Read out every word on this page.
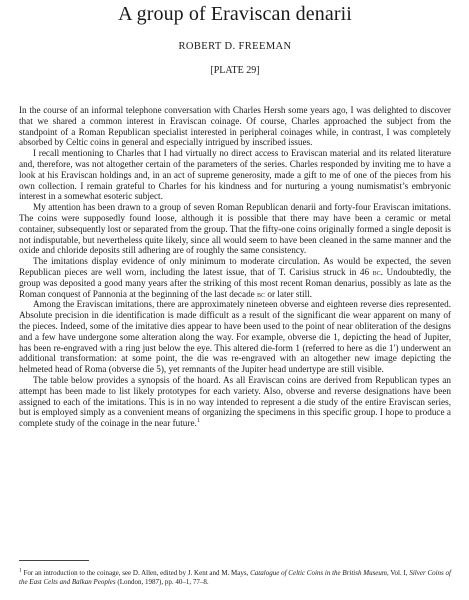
A group of Eraviscan denarii
ROBERT D. FREEMAN
[PLATE 29]

In the course of an informal telephone conversation with Charles Hersh some years ago, I was delighted to discover that we shared a common interest in Eraviscan coinage. Of course, Charles approached the subject from the standpoint of a Roman Republican specialist interested in peripheral coinages while, in contrast, I was completely absorbed by Celtic coins in general and especially intrigued by inscribed issues.

I recall mentioning to Charles that I had virtually no direct access to Eraviscan material and its related literature and, therefore, was not altogether certain of the parameters of the series. Charles responded by inviting me to have a look at his Eraviscan holdings and, in an act of supreme generosity, made a gift to me of one of the pieces from his own collection. I remain grateful to Charles for his kindness and for nurturing a young numismatist’s embryonic interest in a somewhat esoteric subject.

My attention has been drawn to a group of seven Roman Republican denarii and forty-four Eraviscan imitations. The coins were supposedly found loose, although it is possible that there may have been a ceramic or metal container, subsequently lost or separated from the group. That the fifty-one coins originally formed a single deposit is not indisputable, but nevertheless quite likely, since all would seem to have been cleaned in the same manner and the oxide and chloride deposits still adhering are of roughly the same consistency.

The imitations display evidence of only minimum to moderate circulation. As would be expected, the seven Republican pieces are well worn, including the latest issue, that of T. Carisius struck in 46 bc. Undoubtedly, the group was deposited a good many years after the striking of this most recent Roman denarius, possibly as late as the Roman conquest of Pannonia at the beginning of the last decade bc or later still.

Among the Eraviscan imitations, there are approximately nineteen obverse and eighteen reverse dies represented. Absolute precision in die identification is made difficult as a result of the significant die wear apparent on many of the pieces. Indeed, some of the imitative dies appear to have been used to the point of near obliteration of the designs and a few have undergone some alteration along the way. For example, obverse die 1, depicting the head of Jupiter, has been re-engraved with a ring just below the eye. This altered die-form 1 (referred to here as die 1′) underwent an additional transformation: at some point, the die was re-engraved with an altogether new image depicting the helmeted head of Roma (obverse die 5), yet remnants of the Jupiter head undertype are still visible.

The table below provides a synopsis of the hoard. As all Eraviscan coins are derived from Republican types an attempt has been made to list likely prototypes for each variety. Also, obverse and reverse designations have been assigned to each of the imitations. This is in no way intended to represent a die study of the entire Eraviscan series, but is employed simply as a convenient means of organizing the specimens in this specific group. I hope to produce a complete study of the coinage in the near future.$^1$

$^1$ For an introduction to the coinage, see D. Allen, edited by J. Kent and M. Mays, Catalogue of Celtic Coins in the British Museum, Vol. I, Silver Coins of the East Celts and Balkan Peoples (London, 1987), pp. 40–1, 77–8.
